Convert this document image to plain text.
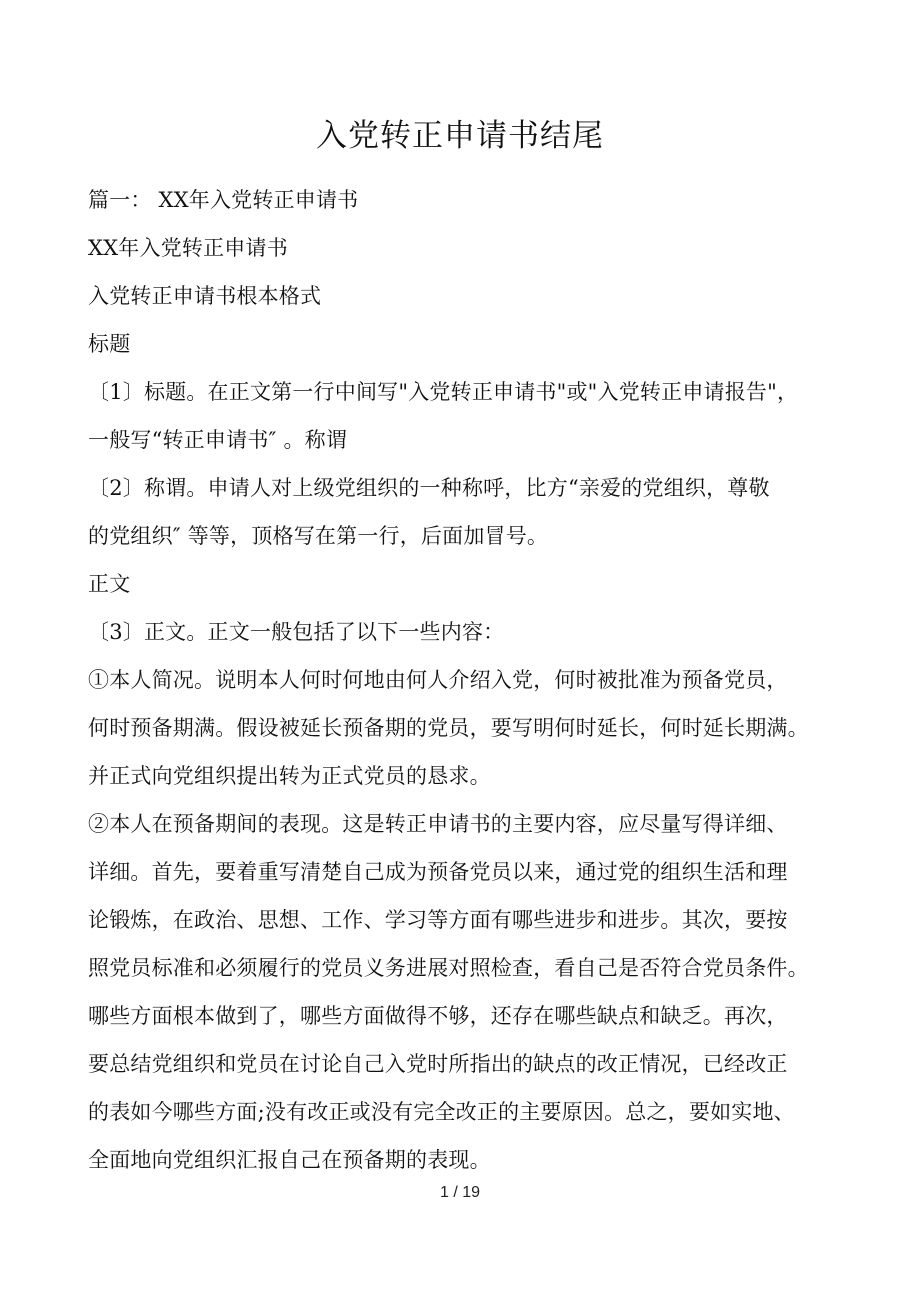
入党转正申请书结尾
篇一： XX年入党转正申请书
XX年入党转正申请书
入党转正申请书根本格式
标题
〔1〕标题。在正文第一行中间写"入党转正申请书"或"入党转正申请报告"，
一般写“转正申请书″ 。称谓
〔2〕称谓。申请人对上级党组织的一种称呼，比方“亲爱的党组织，尊敬
的党组织″ 等等，顶格写在第一行，后面加冒号。
正文
〔3〕正文。正文一般包括了以下一些内容：
①本人简况。说明本人何时何地由何人介绍入党，何时被批准为预备党员，
何时预备期满。假设被延长预备期的党员，要写明何时延长，何时延长期满。
并正式向党组织提出转为正式党员的恳求。
②本人在预备期间的表现。这是转正申请书的主要内容，应尽量写得详细、
详细。首先，要着重写清楚自己成为预备党员以来，通过党的组织生活和理
论锻炼，在政治、思想、工作、学习等方面有哪些进步和进步。其次，要按
照党员标准和必须履行的党员义务进展对照检查，看自己是否符合党员条件。
哪些方面根本做到了，哪些方面做得不够，还存在哪些缺点和缺乏。再次，
要总结党组织和党员在讨论自己入党时所指出的缺点的改正情况，已经改正
的表如今哪些方面;没有改正或没有完全改正的主要原因。总之，要如实地、
全面地向党组织汇报自己在预备期的表现。
1 / 19
